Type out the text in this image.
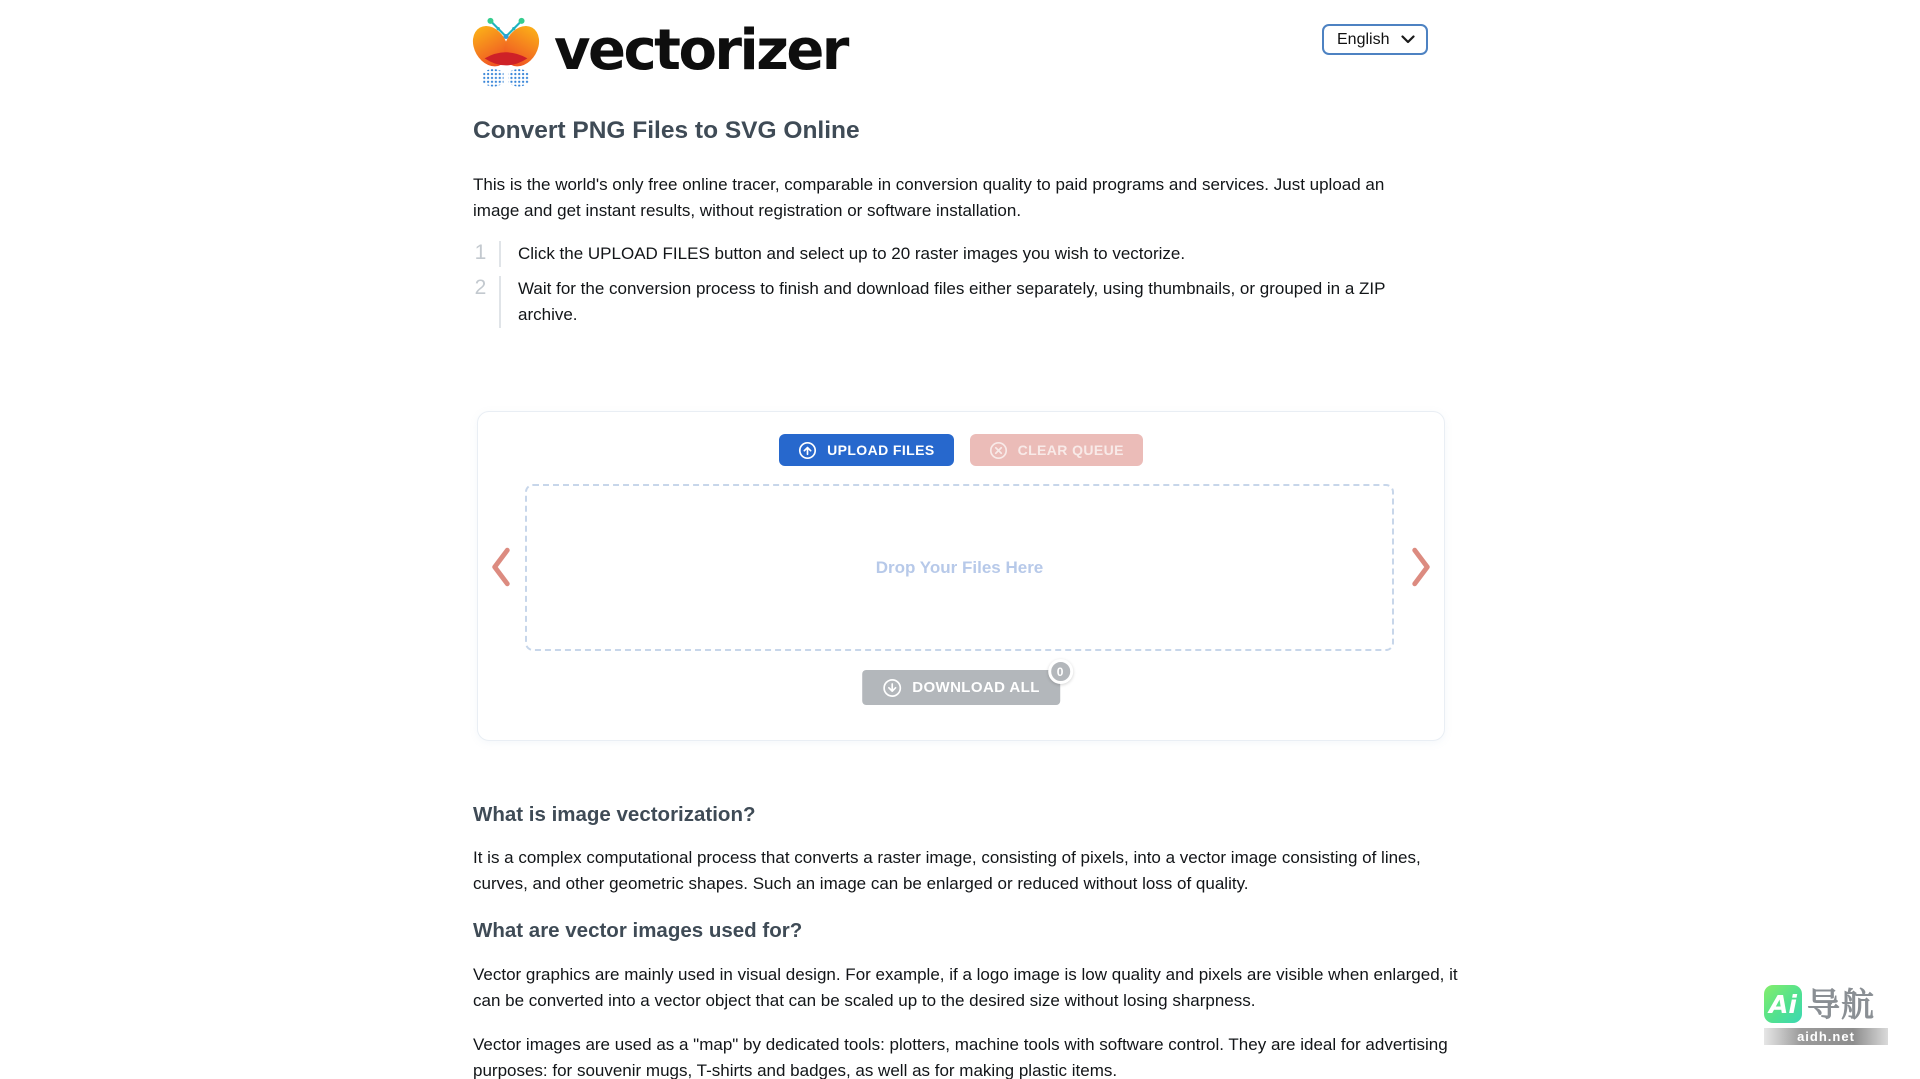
vectorizer	English
Convert PNG Files to SVG Online

This is the world's only free online tracer, comparable in conversion quality to paid programs and services. Just upload an image and get instant results, without registration or software installation.

1	Click the UPLOAD FILES button and select up to 20 raster images you wish to vectorize.
2	Wait for the conversion process to finish and download files either separately, using thumbnails, or grouped in a ZIP archive.
UPLOAD FILES	CLEAR QUEUE
Drop Your Files Here
DOWNLOAD ALL
0
What is image vectorization?

It is a complex computational process that converts a raster image, consisting of pixels, into a vector image consisting of lines, curves, and other geometric shapes. Such an image can be enlarged or reduced without loss of quality.

What are vector images used for?

Vector graphics are mainly used in visual design. For example, if a logo image is low quality and pixels are visible when enlarged, it can be converted into a vector object that can be scaled up to the desired size without losing sharpness.

Vector images are used as a "map" by dedicated tools: plotters, machine tools with software control. They are ideal for advertising purposes: for souvenir mugs, T-shirts and badges, as well as for making plastic items.

Ai 导航
aidh.net
